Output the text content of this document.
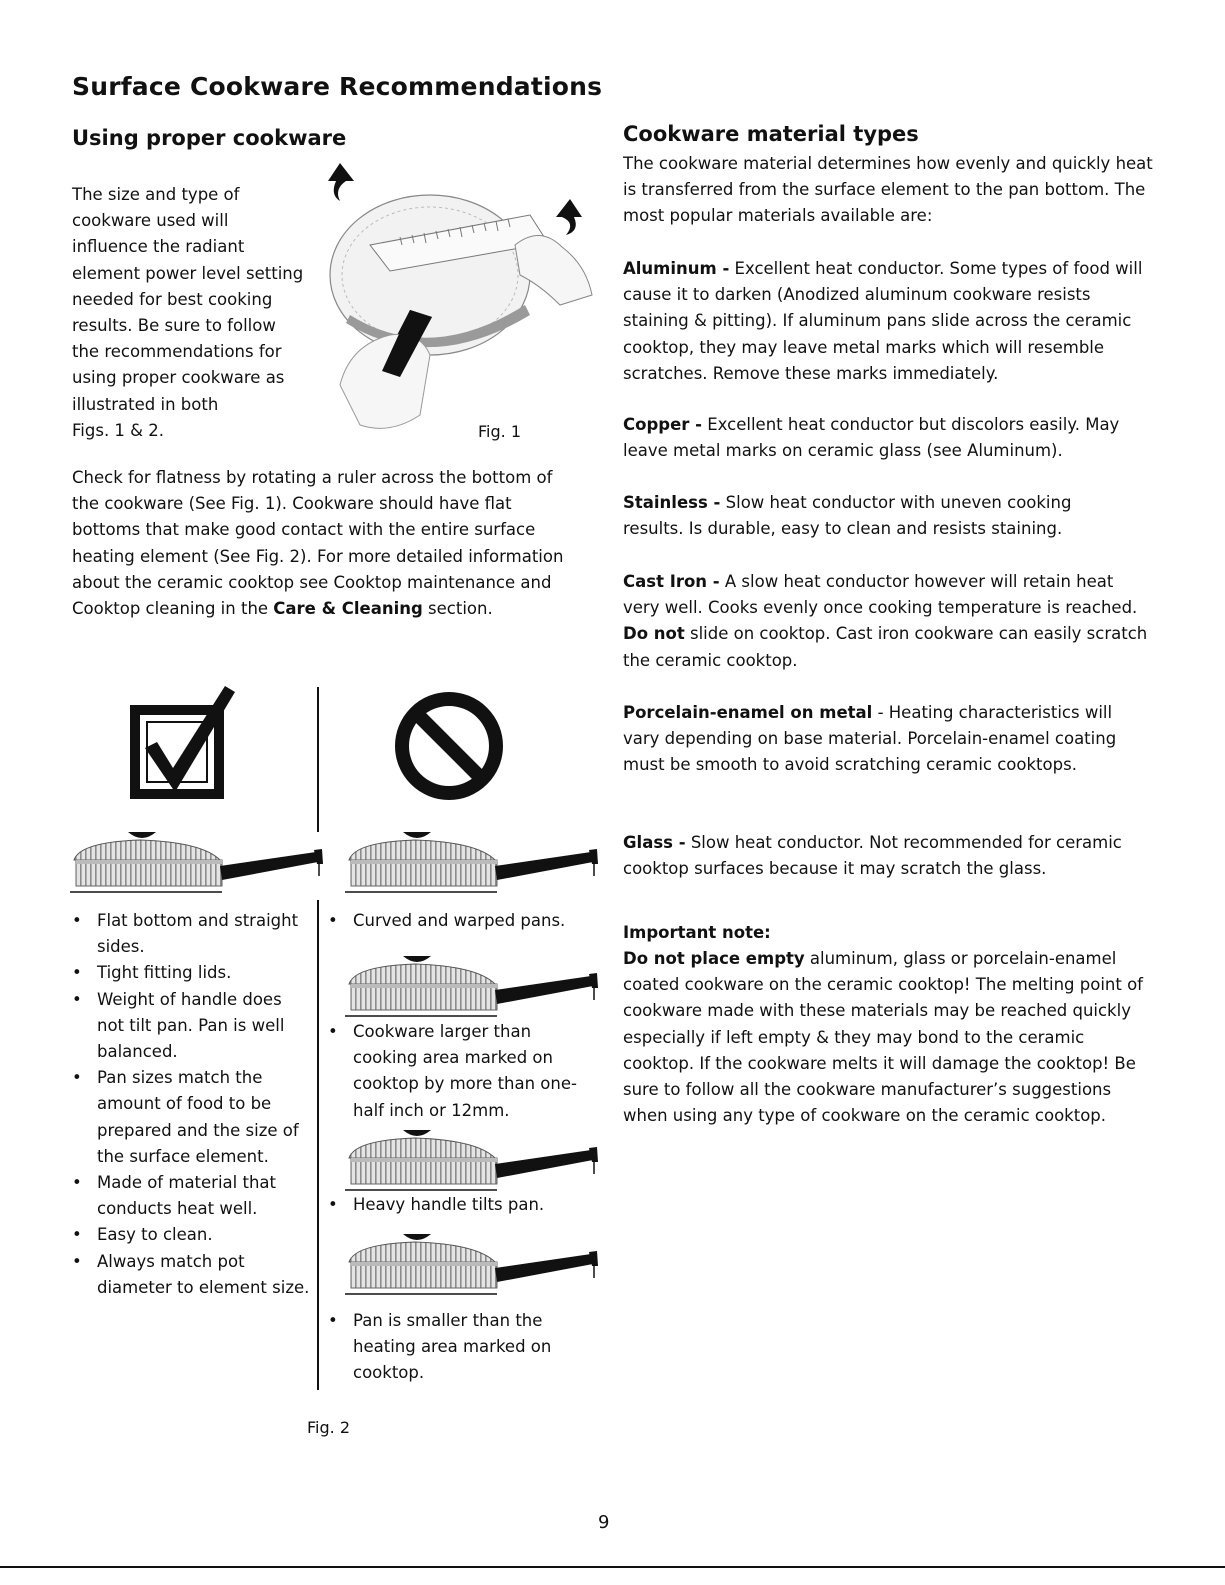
Surface Cookware Recommendations
Using proper cookware

The size and type of

cookware used will

influence the radiant

element power level setting

needed for best cooking

results. Be sure to follow

the recommendations for

using proper cookware as

illustrated in both

Figs. 1 & 2.	Fig. 1

Check for flatness by rotating a ruler across the bottom of

the cookware (See Fig. 1). Cookware should have flat

bottoms that make good contact with the entire surface

heating element (See Fig. 2). For more detailed information

about the ceramic cooktop see Cooktop maintenance and

Cooktop cleaning in the Care & Cleaning section.

• Flat bottom and straight sides.
• Tight fitting lids.
• Weight of handle does not tilt pan. Pan is well balanced.
• Pan sizes match the amount of food to be prepared and the size of the surface element.
• Made of material that conducts heat well.
• Easy to clean.
• Always match pot diameter to element size.
• Curved and warped pans.
• Cookware larger than cooking area marked on cooktop by more than one-half inch or 12mm.
• Heavy handle tilts pan.
• Pan is smaller than the heating area marked on cooktop.
Fig. 2
Cookware material types
The cookware material determines how evenly and quickly heat is transferred from the surface element to the pan bottom. The most popular materials available are:
Aluminum - Excellent heat conductor. Some types of food will cause it to darken (Anodized aluminum cookware resists staining & pitting). If aluminum pans slide across the ceramic cooktop, they may leave metal marks which will resemble scratches. Remove these marks immediately.
Copper - Excellent heat conductor but discolors easily. May leave metal marks on ceramic glass (see Aluminum).
Stainless - Slow heat conductor with uneven cooking results. Is durable, easy to clean and resists staining.
Cast Iron - A slow heat conductor however will retain heat very well. Cooks evenly once cooking temperature is reached. Do not slide on cooktop. Cast iron cookware can easily scratch the ceramic cooktop.
Porcelain-enamel on metal - Heating characteristics will vary depending on base material. Porcelain-enamel coating must be smooth to avoid scratching ceramic cooktops.
Glass - Slow heat conductor. Not recommended for ceramic cooktop surfaces because it may scratch the glass.
Important note:
Do not place empty aluminum, glass or porcelain-enamel coated cookware on the ceramic cooktop! The melting point of cookware made with these materials may be reached quickly especially if left empty & they may bond to the ceramic cooktop. If the cookware melts it will damage the cooktop! Be sure to follow all the cookware manufacturer’s suggestions when using any type of cookware on the ceramic cooktop.
9
